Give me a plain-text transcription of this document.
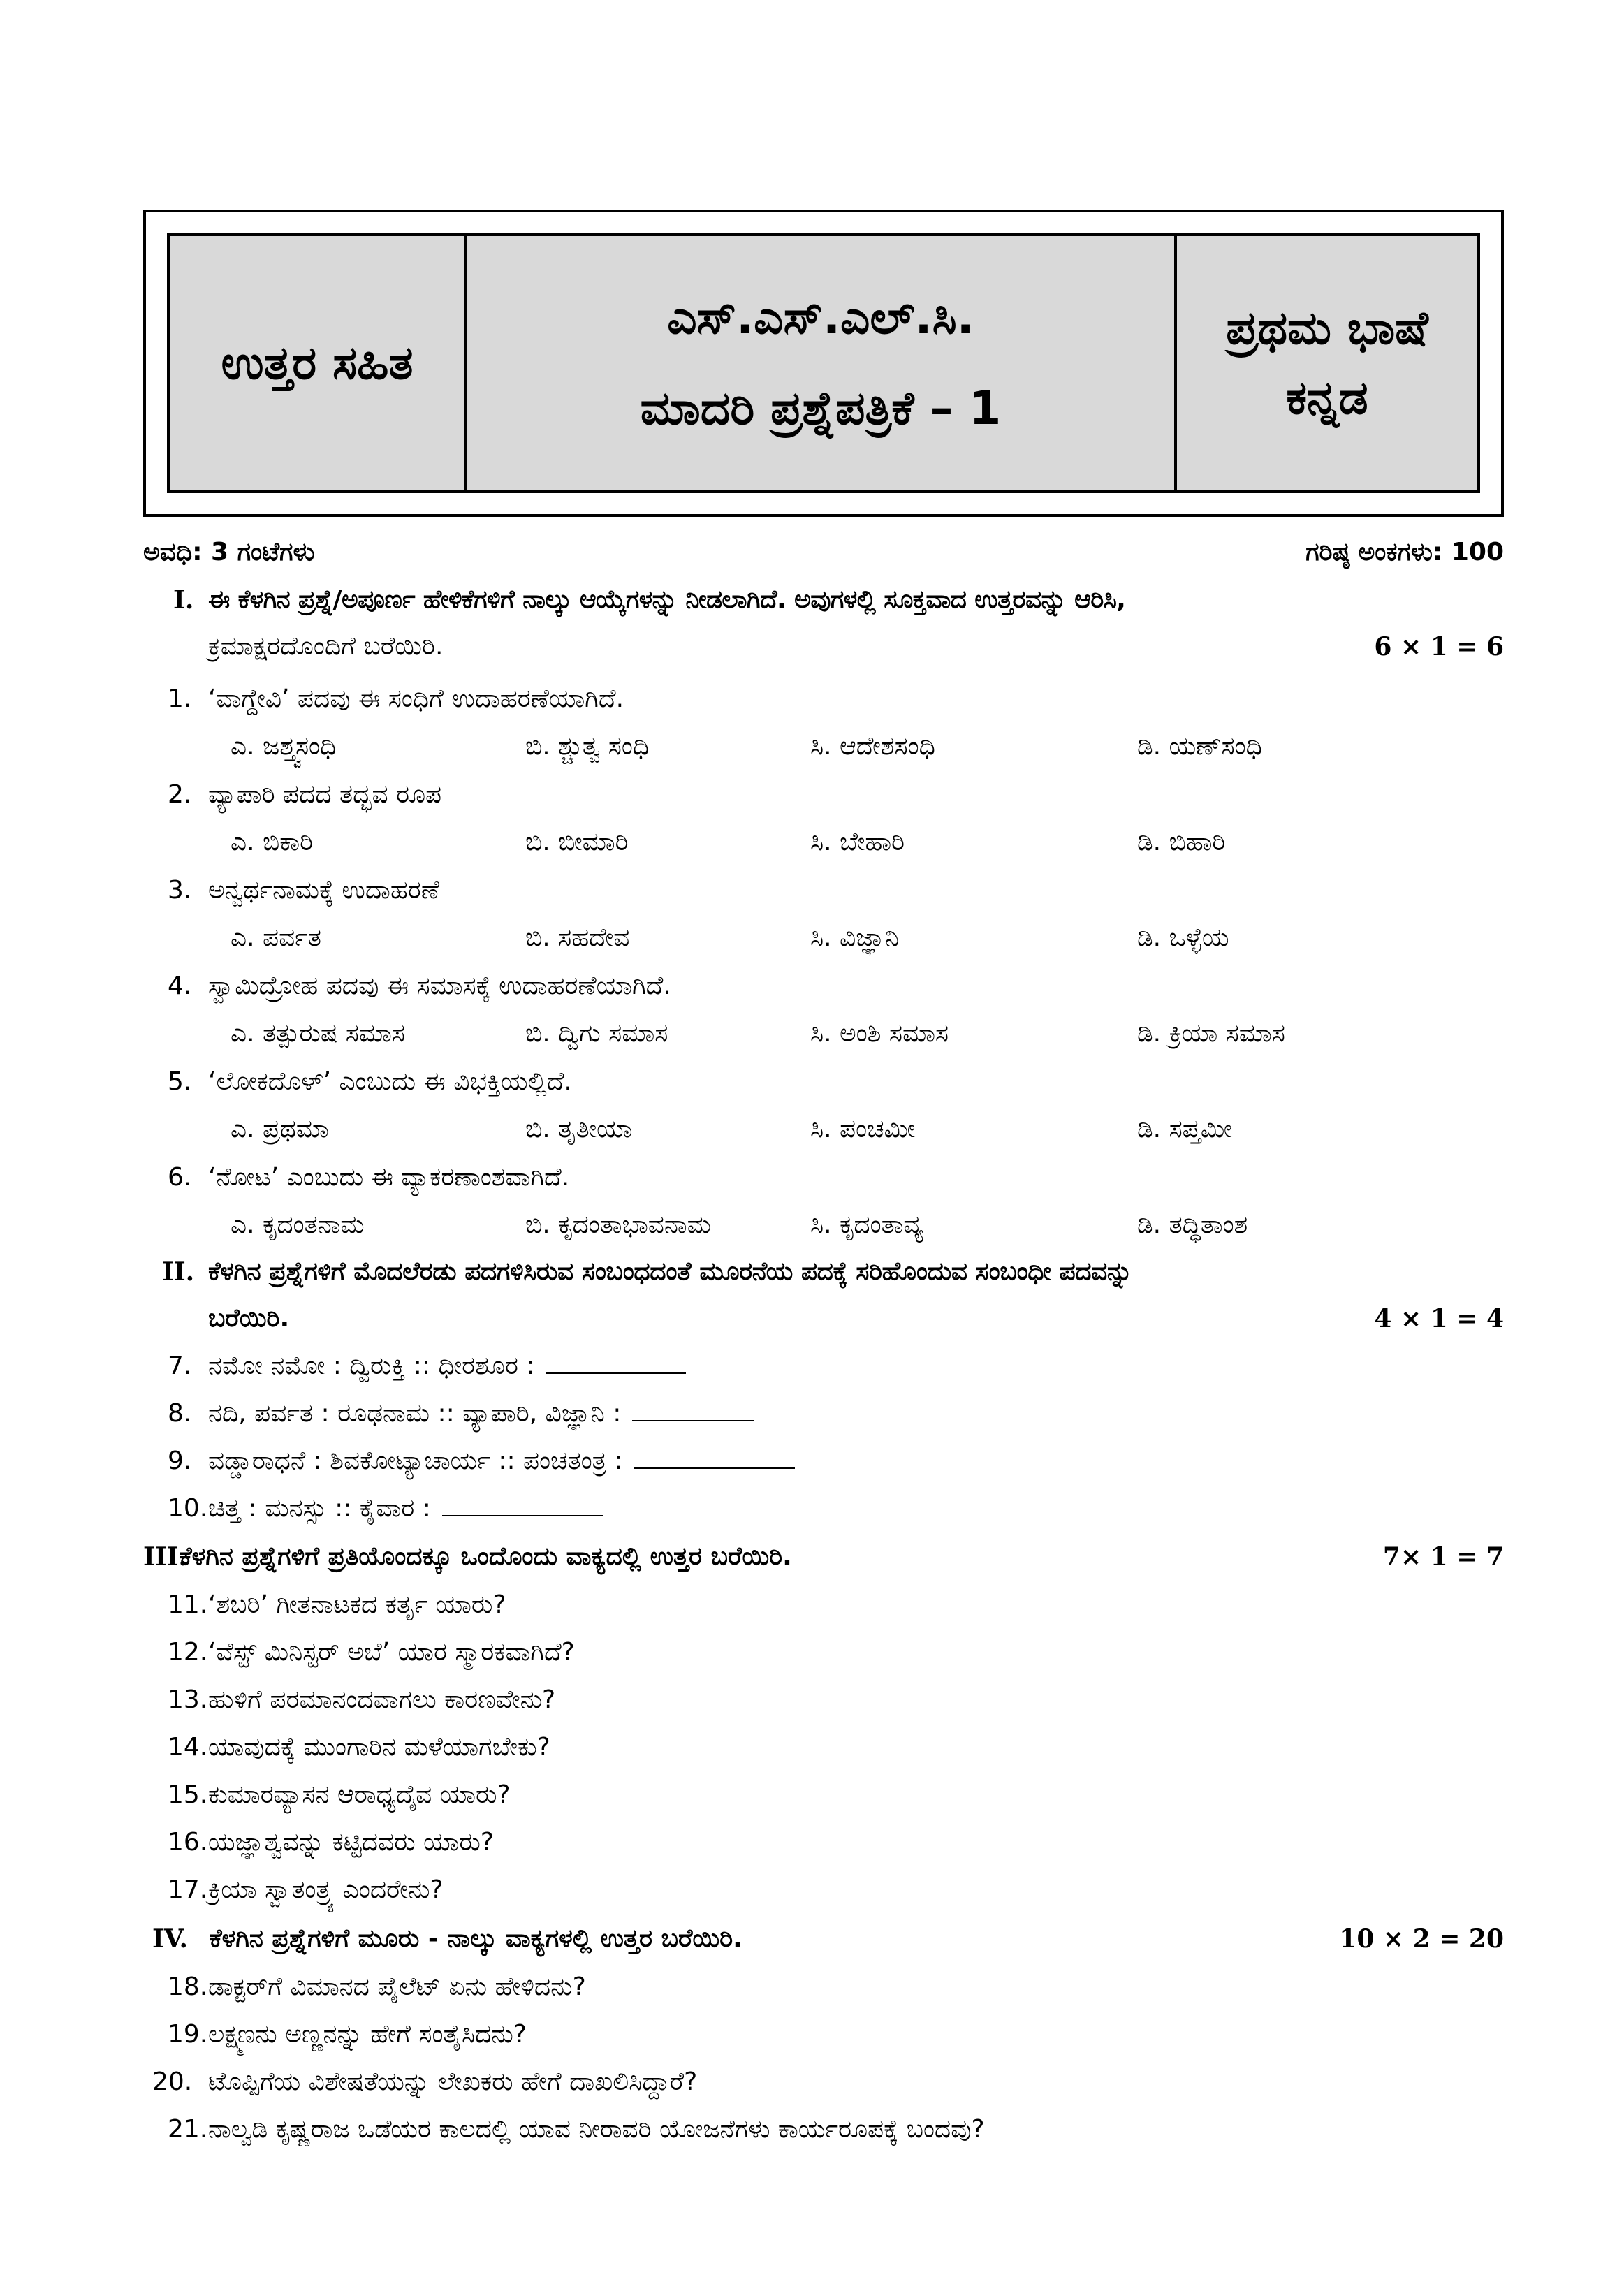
ಉತ್ತರ ಸಹಿತ
ಎಸ್.ಎಸ್.ಎಲ್.ಸಿ.
ಮಾದರಿ ಪ್ರಶ್ನೆಪತ್ರಿಕೆ – 1
ಪ್ರಥಮ ಭಾಷೆ
ಕನ್ನಡ
ಅವಧಿ: 3 ಗಂಟೆಗಳು	ಗರಿಷ್ಠ ಅಂಕಗಳು: 100
I. ಈ ಕೆಳಗಿನ ಪ್ರಶ್ನೆ/ಅಪೂರ್ಣ ಹೇಳಿಕೆಗಳಿಗೆ ನಾಲ್ಕು ಆಯ್ಕೆಗಳನ್ನು ನೀಡಲಾಗಿದೆ. ಅವುಗಳಲ್ಲಿ ಸೂಕ್ತವಾದ ಉತ್ತರವನ್ನು ಆರಿಸಿ,
ಕ್ರಮಾಕ್ಷರದೊಂದಿಗೆ ಬರೆಯಿರಿ.	6 × 1 = 6
1. ‘ವಾಗ್ದೇವಿ’ ಪದವು ಈ ಸಂಧಿಗೆ ಉದಾಹರಣೆಯಾಗಿದೆ.
ಎ. ಜಶ್ತ್ವಸಂಧಿ	ಬಿ. ಶ್ಚುತ್ವ ಸಂಧಿ	ಸಿ. ಆದೇಶಸಂಧಿ	ಡಿ. ಯಣ್‌ಸಂಧಿ
2. ವ್ಯಾಪಾರಿ ಪದದ ತದ್ಭವ ರೂಪ
ಎ. ಬಿಕಾರಿ	ಬಿ. ಬೀಮಾರಿ	ಸಿ. ಬೇಹಾರಿ	ಡಿ. ಬಿಹಾರಿ
3. ಅನ್ವರ್ಥನಾಮಕ್ಕೆ ಉದಾಹರಣೆ
ಎ. ಪರ್ವತ	ಬಿ. ಸಹದೇವ	ಸಿ. ವಿಜ್ಞಾನಿ	ಡಿ. ಒಳ್ಳೆಯ
4. ಸ್ವಾಮಿದ್ರೋಹ ಪದವು ಈ ಸಮಾಸಕ್ಕೆ ಉದಾಹರಣೆಯಾಗಿದೆ.
ಎ. ತತ್ಪುರುಷ ಸಮಾಸ	ಬಿ. ದ್ವಿಗು ಸಮಾಸ	ಸಿ. ಅಂಶಿ ಸಮಾಸ	ಡಿ. ಕ್ರಿಯಾ ಸಮಾಸ
5. ‘ಲೋಕದೊಳ್’ ಎಂಬುದು ಈ ವಿಭಕ್ತಿಯಲ್ಲಿದೆ.
ಎ. ಪ್ರಥಮಾ	ಬಿ. ತೃತೀಯಾ	ಸಿ. ಪಂಚಮೀ	ಡಿ. ಸಪ್ತಮೀ
6. ‘ನೋಟ’ ಎಂಬುದು ಈ ವ್ಯಾಕರಣಾಂಶವಾಗಿದೆ.
ಎ. ಕೃದಂತನಾಮ	ಬಿ. ಕೃದಂತಾಭಾವನಾಮ	ಸಿ. ಕೃದಂತಾವ್ಯ	ಡಿ. ತದ್ಧಿತಾಂಶ
II. ಕೆಳಗಿನ ಪ್ರಶ್ನೆಗಳಿಗೆ ಮೊದಲೆರಡು ಪದಗಳಿಸಿರುವ ಸಂಬಂಧದಂತೆ ಮೂರನೆಯ ಪದಕ್ಕೆ ಸರಿಹೊಂದುವ ಸಂಬಂಧೀ ಪದವನ್ನು
ಬರೆಯಿರಿ.	4 × 1 = 4
7. ನಮೋ ನಮೋ : ದ್ವಿರುಕ್ತಿ :: ಧೀರಶೂರ :
8. ನದಿ, ಪರ್ವತ : ರೂಢನಾಮ :: ವ್ಯಾಪಾರಿ, ವಿಜ್ಞಾನಿ :
9. ವಡ್ಡಾರಾಧನೆ : ಶಿವಕೋಟ್ಯಾಚಾರ್ಯ :: ಪಂಚತಂತ್ರ :
10. ಚಿತ್ತ : ಮನಸ್ಸು :: ಕೈವಾರ :
III.
ಕೆಳಗಿನ ಪ್ರಶ್ನೆಗಳಿಗೆ ಪ್ರತಿಯೊಂದಕ್ಕೂ ಒಂದೊಂದು ವಾಕ್ಯದಲ್ಲಿ ಉತ್ತರ ಬರೆಯಿರಿ.	7× 1 = 7
11. ‘ಶಬರಿ’ ಗೀತನಾಟಕದ ಕರ್ತೃ ಯಾರು?
12. ‘ವೆಸ್ಟ್ ಮಿನಿಸ್ಟರ್ ಅಬೆ’ ಯಾರ ಸ್ಮಾರಕವಾಗಿದೆ?
13. ಹುಳಿಗೆ ಪರಮಾನಂದವಾಗಲು ಕಾರಣವೇನು?
14. ಯಾವುದಕ್ಕೆ ಮುಂಗಾರಿನ ಮಳೆಯಾಗಬೇಕು?
15. ಕುಮಾರವ್ಯಾಸನ ಆರಾಧ್ಯದೈವ ಯಾರು?
16. ಯಜ್ಞಾಶ್ವವನ್ನು ಕಟ್ಟಿದವರು ಯಾರು?
17. ಕ್ರಿಯಾ ಸ್ವಾತಂತ್ರ್ಯ ಎಂದರೇನು?
IV. ಕೆಳಗಿನ ಪ್ರಶ್ನೆಗಳಿಗೆ ಮೂರು - ನಾಲ್ಕು ವಾಕ್ಯಗಳಲ್ಲಿ ಉತ್ತರ ಬರೆಯಿರಿ.	10 × 2 = 20
18. ಡಾಕ್ಟರ್‌ಗೆ ವಿಮಾನದ ಪೈಲೆಟ್ ಏನು ಹೇಳಿದನು?
19. ಲಕ್ಷ್ಮಣನು ಅಣ್ಣನನ್ನು ಹೇಗೆ ಸಂತೈಸಿದನು?
20. ಟೊಪ್ಪಿಗೆಯ ವಿಶೇಷತೆಯನ್ನು ಲೇಖಕರು ಹೇಗೆ ದಾಖಲಿಸಿದ್ದಾರೆ?
21. ನಾಲ್ವಡಿ ಕೃಷ್ಣರಾಜ ಒಡೆಯರ ಕಾಲದಲ್ಲಿ ಯಾವ ನೀರಾವರಿ ಯೋಜನೆಗಳು ಕಾರ್ಯರೂಪಕ್ಕೆ ಬಂದವು?
